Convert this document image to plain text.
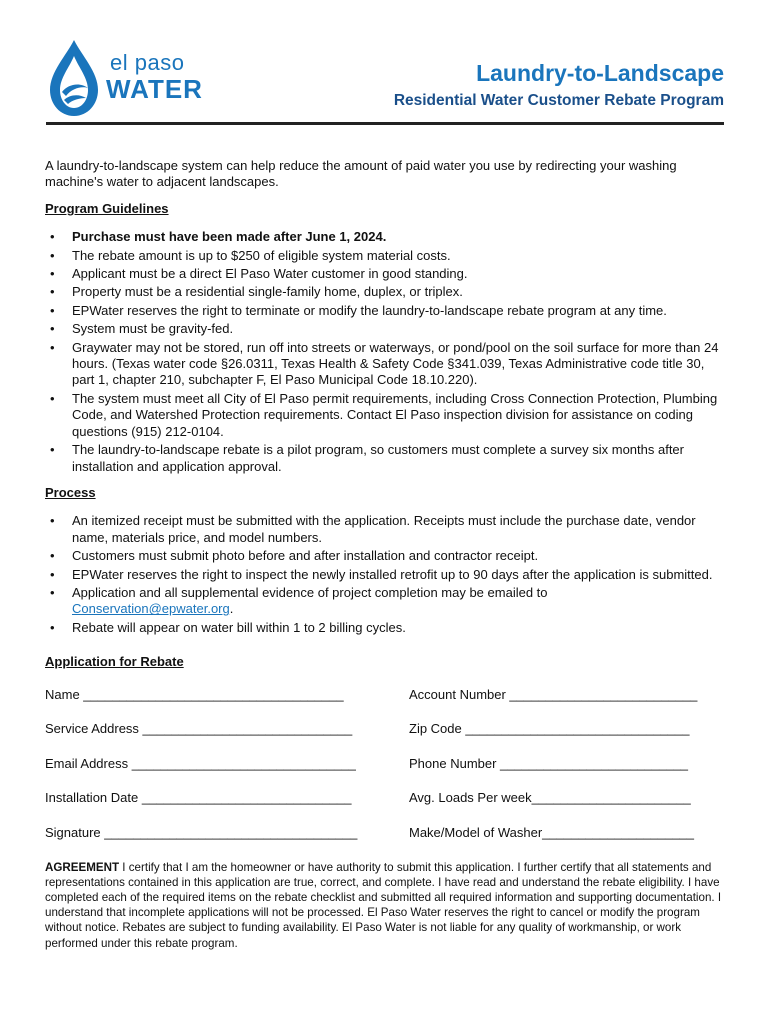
el paso
WATER
Laundry-to-Landscape
Residential Water Customer Rebate Program

A laundry-to-landscape system can help reduce the amount of paid water you use by redirecting your washing machine's water to adjacent landscapes.

Program Guidelines
• Purchase must have been made after June 1, 2024.
• The rebate amount is up to $250 of eligible system material costs.
• Applicant must be a direct El Paso Water customer in good standing.
• Property must be a residential single-family home, duplex, or triplex.
• EPWater reserves the right to terminate or modify the laundry-to-landscape rebate program at any time.
• System must be gravity-fed.
• Graywater may not be stored, run off into streets or waterways, or pond/pool on the soil surface for more than 24 hours. (Texas water code §26.0311, Texas Health & Safety Code §341.039, Texas Administrative code title 30, part 1, chapter 210, subchapter F, El Paso Municipal Code 18.10.220).
• The system must meet all City of El Paso permit requirements, including Cross Connection Protection, Plumbing Code, and Watershed Protection requirements. Contact El Paso inspection division for assistance on coding questions (915) 212-0104.
• The laundry-to-landscape rebate is a pilot program, so customers must complete a survey six months after installation and application approval.
Process
• An itemized receipt must be submitted with the application. Receipts must include the purchase date, vendor name, materials price, and model numbers.
• Customers must submit photo before and after installation and contractor receipt.
• EPWater reserves the right to inspect the newly installed retrofit up to 90 days after the application is submitted.
• Application and all supplemental evidence of project completion may be emailed to
Conservation@epwater.org.
• Rebate will appear on water bill within 1 to 2 billing cycles.
Application for Rebate
Name ____________________________________	Account Number __________________________
Service Address _____________________________	Zip Code _______________________________
Email Address _______________________________	Phone Number __________________________
Installation Date _____________________________	Avg. Loads Per week______________________
Signature ___________________________________	Make/Model of Washer_____________________
AGREEMENT I certify that I am the homeowner or have authority to submit this application. I further certify that all statements and representations contained in this application are true, correct, and complete. I have read and understand the rebate eligibility. I have completed each of the required items on the rebate checklist and submitted all required information and supporting documentation. I understand that incomplete applications will not be processed. El Paso Water reserves the right to cancel or modify the program without notice. Rebates are subject to funding availability. El Paso Water is not liable for any quality of workmanship, or work performed under this rebate program.
